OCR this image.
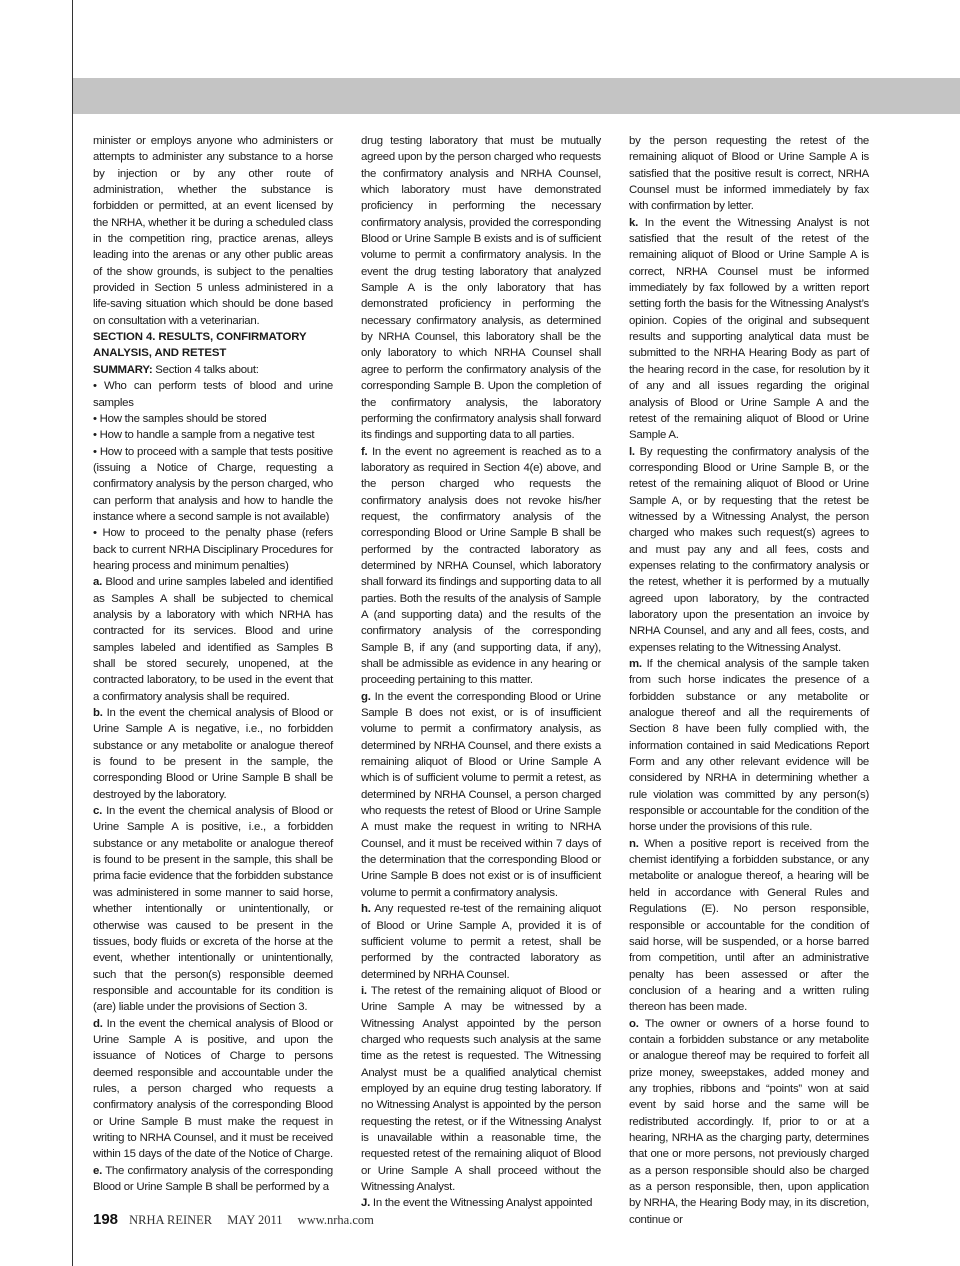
minister or employs anyone who administers or attempts to administer any substance to a horse by injection or by any other route of administration, whether the substance is forbidden or permitted, at an event licensed by the NRHA, whether it be during a scheduled class in the competition ring, practice arenas, alleys leading into the arenas or any other public areas of the show grounds, is subject to the penalties provided in Section 5 unless administered in a life-saving situation which should be done based on consultation with a veterinarian.

SECTION 4. RESULTS, CONFIRMATORY ANALYSIS, AND RETEST

SUMMARY: Section 4 talks about:

• Who can perform tests of blood and urine samples

• How the samples should be stored

• How to handle a sample from a negative test

• How to proceed with a sample that tests positive (issuing a Notice of Charge, requesting a confirmatory analysis by the person charged, who can perform that analysis and how to handle the instance where a second sample is not available)

• How to proceed to the penalty phase (refers back to current NRHA Disciplinary Procedures for hearing process and minimum penalties)

a. Blood and urine samples labeled and identified as Samples A shall be subjected to chemical analysis by a laboratory with which NRHA has contracted for its services. Blood and urine samples labeled and identified as Samples B shall be stored securely, unopened, at the contracted laboratory, to be used in the event that a confirmatory analysis shall be required.

b. In the event the chemical analysis of Blood or Urine Sample A is negative, i.e., no forbidden substance or any metabolite or analogue thereof is found to be present in the sample, the corresponding Blood or Urine Sample B shall be destroyed by the laboratory.

c. In the event the chemical analysis of Blood or Urine Sample A is positive, i.e., a forbidden substance or any metabolite or analogue thereof is found to be present in the sample, this shall be prima facie evidence that the forbidden substance was administered in some manner to said horse, whether intentionally or unintentionally, or otherwise was caused to be present in the tissues, body fluids or excreta of the horse at the event, whether intentionally or unintentionally, such that the person(s) responsible deemed responsible and accountable for its condition is (are) liable under the provisions of Section 3.

d. In the event the chemical analysis of Blood or Urine Sample A is positive, and upon the issuance of Notices of Charge to persons deemed responsible and accountable under the rules, a person charged who requests a confirmatory analysis of the corresponding Blood or Urine Sample B must make the request in writing to NRHA Counsel, and it must be received within 15 days of the date of the Notice of Charge.

e. The confirmatory analysis of the corresponding Blood or Urine Sample B shall be performed by a

drug testing laboratory that must be mutually agreed upon by the person charged who requests the confirmatory analysis and NRHA Counsel, which laboratory must have demonstrated proficiency in performing the necessary confirmatory analysis, provided the corresponding Blood or Urine Sample B exists and is of sufficient volume to permit a confirmatory analysis. In the event the drug testing laboratory that analyzed Sample A is the only laboratory that has demonstrated proficiency in performing the necessary confirmatory analysis, as determined by NRHA Counsel, this laboratory shall be the only laboratory to which NRHA Counsel shall agree to perform the confirmatory analysis of the corresponding Sample B. Upon the completion of the confirmatory analysis, the laboratory performing the confirmatory analysis shall forward its findings and supporting data to all parties.

f. In the event no agreement is reached as to a laboratory as required in Section 4(e) above, and the person charged who requests the confirmatory analysis does not revoke his/her request, the confirmatory analysis of the corresponding Blood or Urine Sample B shall be performed by the contracted laboratory as determined by NRHA Counsel, which laboratory shall forward its findings and supporting data to all parties. Both the results of the analysis of Sample A (and supporting data) and the results of the confirmatory analysis of the corresponding Sample B, if any (and supporting data, if any), shall be admissible as evidence in any hearing or proceeding pertaining to this matter.

g. In the event the corresponding Blood or Urine Sample B does not exist, or is of insufficient volume to permit a confirmatory analysis, as determined by NRHA Counsel, and there exists a remaining aliquot of Blood or Urine Sample A which is of sufficient volume to permit a retest, as determined by NRHA Counsel, a person charged who requests the retest of Blood or Urine Sample A must make the request in writing to NRHA Counsel, and it must be received within 7 days of the determination that the corresponding Blood or Urine Sample B does not exist or is of insufficient volume to permit a confirmatory analysis.

h. Any requested re-test of the remaining aliquot of Blood or Urine Sample A, provided it is of sufficient volume to permit a retest, shall be performed by the contracted laboratory as determined by NRHA Counsel.

i. The retest of the remaining aliquot of Blood or Urine Sample A may be witnessed by a Witnessing Analyst appointed by the person charged who requests such analysis at the same time as the retest is requested. The Witnessing Analyst must be a qualified analytical chemist employed by an equine drug testing laboratory. If no Witnessing Analyst is appointed by the person requesting the retest, or if the Witnessing Analyst is unavailable within a reasonable time, the requested retest of the remaining aliquot of Blood or Urine Sample A shall proceed without the Witnessing Analyst.

J. In the event the Witnessing Analyst appointed

by the person requesting the retest of the remaining aliquot of Blood or Urine Sample A is satisfied that the positive result is correct, NRHA Counsel must be informed immediately by fax with confirmation by letter.

k. In the event the Witnessing Analyst is not satisfied that the result of the retest of the remaining aliquot of Blood or Urine Sample A is correct, NRHA Counsel must be informed immediately by fax followed by a written report setting forth the basis for the Witnessing Analyst’s opinion. Copies of the original and subsequent results and supporting analytical data must be submitted to the NRHA Hearing Body as part of the hearing record in the case, for resolution by it of any and all issues regarding the original analysis of Blood or Urine Sample A and the retest of the remaining aliquot of Blood or Urine Sample A.

l. By requesting the confirmatory analysis of the corresponding Blood or Urine Sample B, or the retest of the remaining aliquot of Blood or Urine Sample A, or by requesting that the retest be witnessed by a Witnessing Analyst, the person charged who makes such request(s) agrees to and must pay any and all fees, costs and expenses relating to the confirmatory analysis or the retest, whether it is performed by a mutually agreed upon laboratory, by the contracted laboratory upon the presentation an invoice by NRHA Counsel, and any and all fees, costs, and expenses relating to the Witnessing Analyst.

m. If the chemical analysis of the sample taken from such horse indicates the presence of a forbidden substance or any metabolite or analogue thereof and all the requirements of Section 8 have been fully complied with, the information contained in said Medications Report Form and any other relevant evidence will be considered by NRHA in determining whether a rule violation was committed by any person(s) responsible or accountable for the condition of the horse under the provisions of this rule.

n. When a positive report is received from the chemist identifying a forbidden substance, or any metabolite or analogue thereof, a hearing will be held in accordance with General Rules and Regulations (E). No person responsible, responsible or accountable for the condition of said horse, will be suspended, or a horse barred from competition, until after an administrative penalty has been assessed or after the conclusion of a hearing and a written ruling thereon has been made.

o. The owner or owners of a horse found to contain a forbidden substance or any metabolite or analogue thereof may be required to forfeit all prize money, sweepstakes, added money and any trophies, ribbons and “points” won at said event by said horse and the same will be redistributed accordingly. If, prior to or at a hearing, NRHA as the charging party, determines that one or more persons, not previously charged as a person responsible should also be charged as a person responsible, then, upon application by NRHA, the Hearing Body may, in its discretion, continue or

198 NRHA REINER MAY 2011 www.nrha.com
